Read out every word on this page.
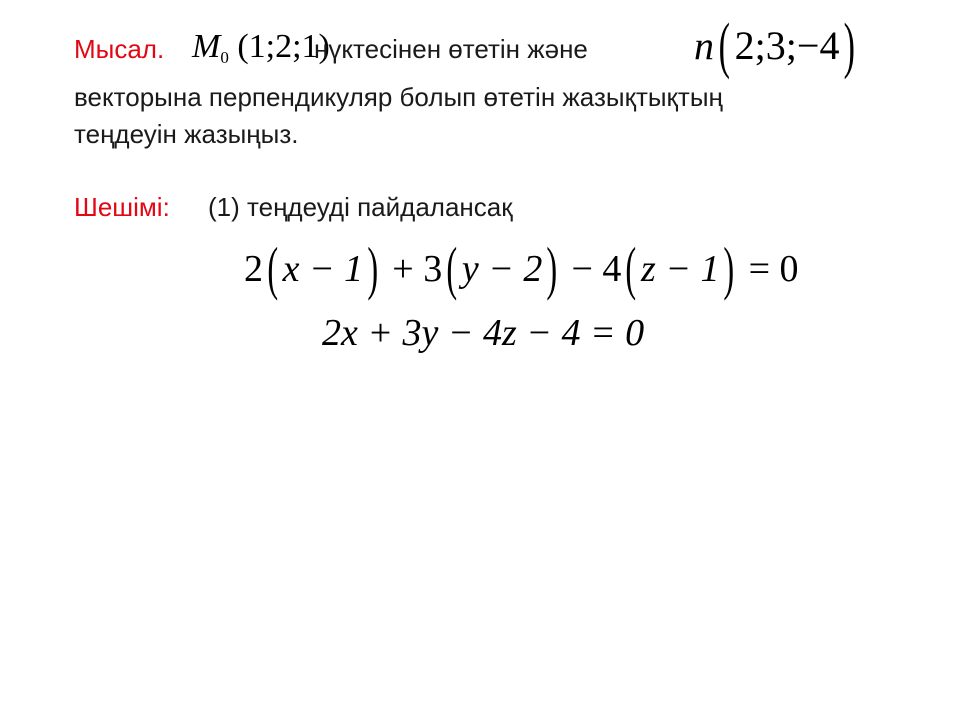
Мысал. $M_0$ (1;2;1)
нүктесінен өтетін және	n( 2;3;−4)
векторына перпендикуляр болып өтетін жазықтықтың
теңдеуін жазыңыз.
Шешімі: (1) теңдеуді пайдалансақ
2( x − 1) + 3( y − 2) − 4( z − 1) = 0
2x + 3y − 4z − 4 = 0
